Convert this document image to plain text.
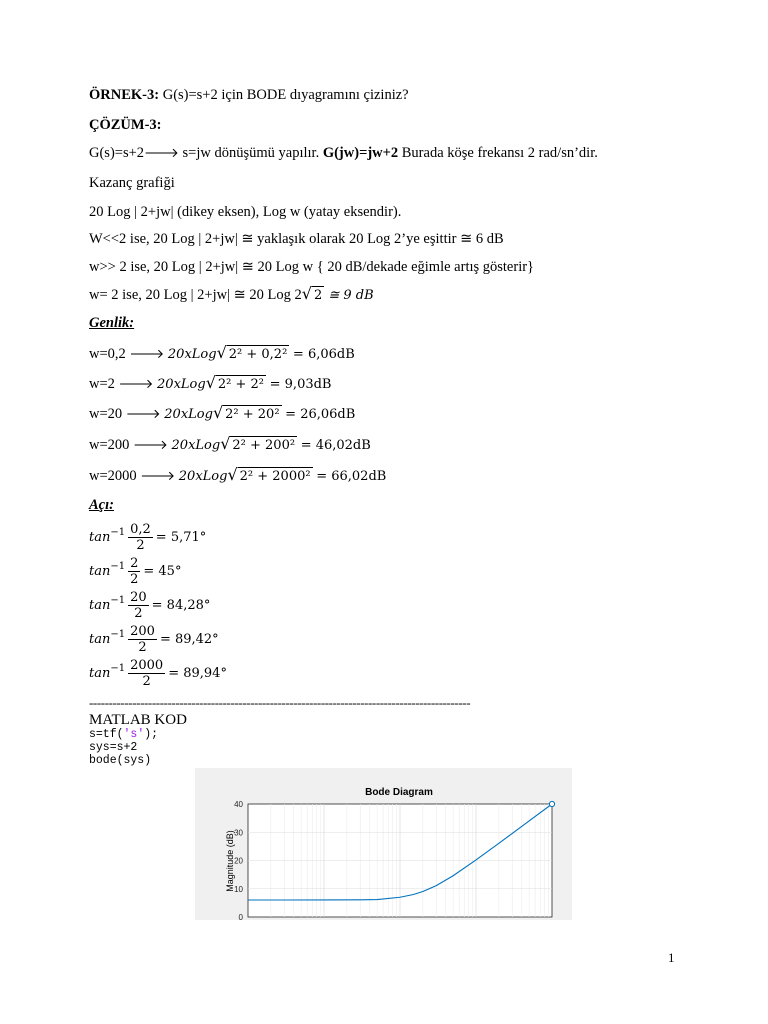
ÖRNEK-3: G(s)=s+2 için BODE dıyagramını çiziniz?
ÇÖZÜM-3:
G(s)=s+2🡒 s=jw dönüşümü yapılır. G(jw)=jw+2 Burada köşe frekansı 2 rad/sn’dir.
Kazanç grafiği
20 Log | 2+jw| (dikey eksen), Log w (yatay eksendir).
W<<2 ise, 20 Log | 2+jw| ≅ yaklaşık olarak 20 Log 2’ye eşittir ≅ 6 dB
w>> 2 ise, 20 Log | 2+jw| ≅ 20 Log w { 20 dB/dekade eğimle artış gösterir}
w= 2 ise, 20 Log | 2+jw| ≅ 20 Log 2√ 2 ≅ 9 dB
Genlik:
w=0,2 🡒 20xLog√ 2² + 0,2² = 6,06dB
w=2 🡒 20xLog√ 2² + 2² = 9,03dB
w=20 🡒 20xLog√ 2² + 20² = 26,06dB
w=200 🡒 20xLog√ 2² + 200² = 46,02dB
w=2000 🡒 20xLog√ 2² + 2000² = 66,02dB
Açı:
$\tan^{-1} \frac{0,2}{2} = 5,71^\circ$
$\tan^{-1} \frac{2}{2} = 45^\circ$
$\tan^{-1} \frac{20}{2} = 84,28^\circ$
$\tan^{-1} \frac{200}{2} = 89,42^\circ$
$\tan^{-1} \frac{2000}{2} = 89,94^\circ$
-------------------------------------------------------------------------------------------------
MATLAB KOD
s=tf('s');
sys=s+2
bode(sys)
Bode Diagram
0
10
20
30
40
Magnitude (dB)
1
